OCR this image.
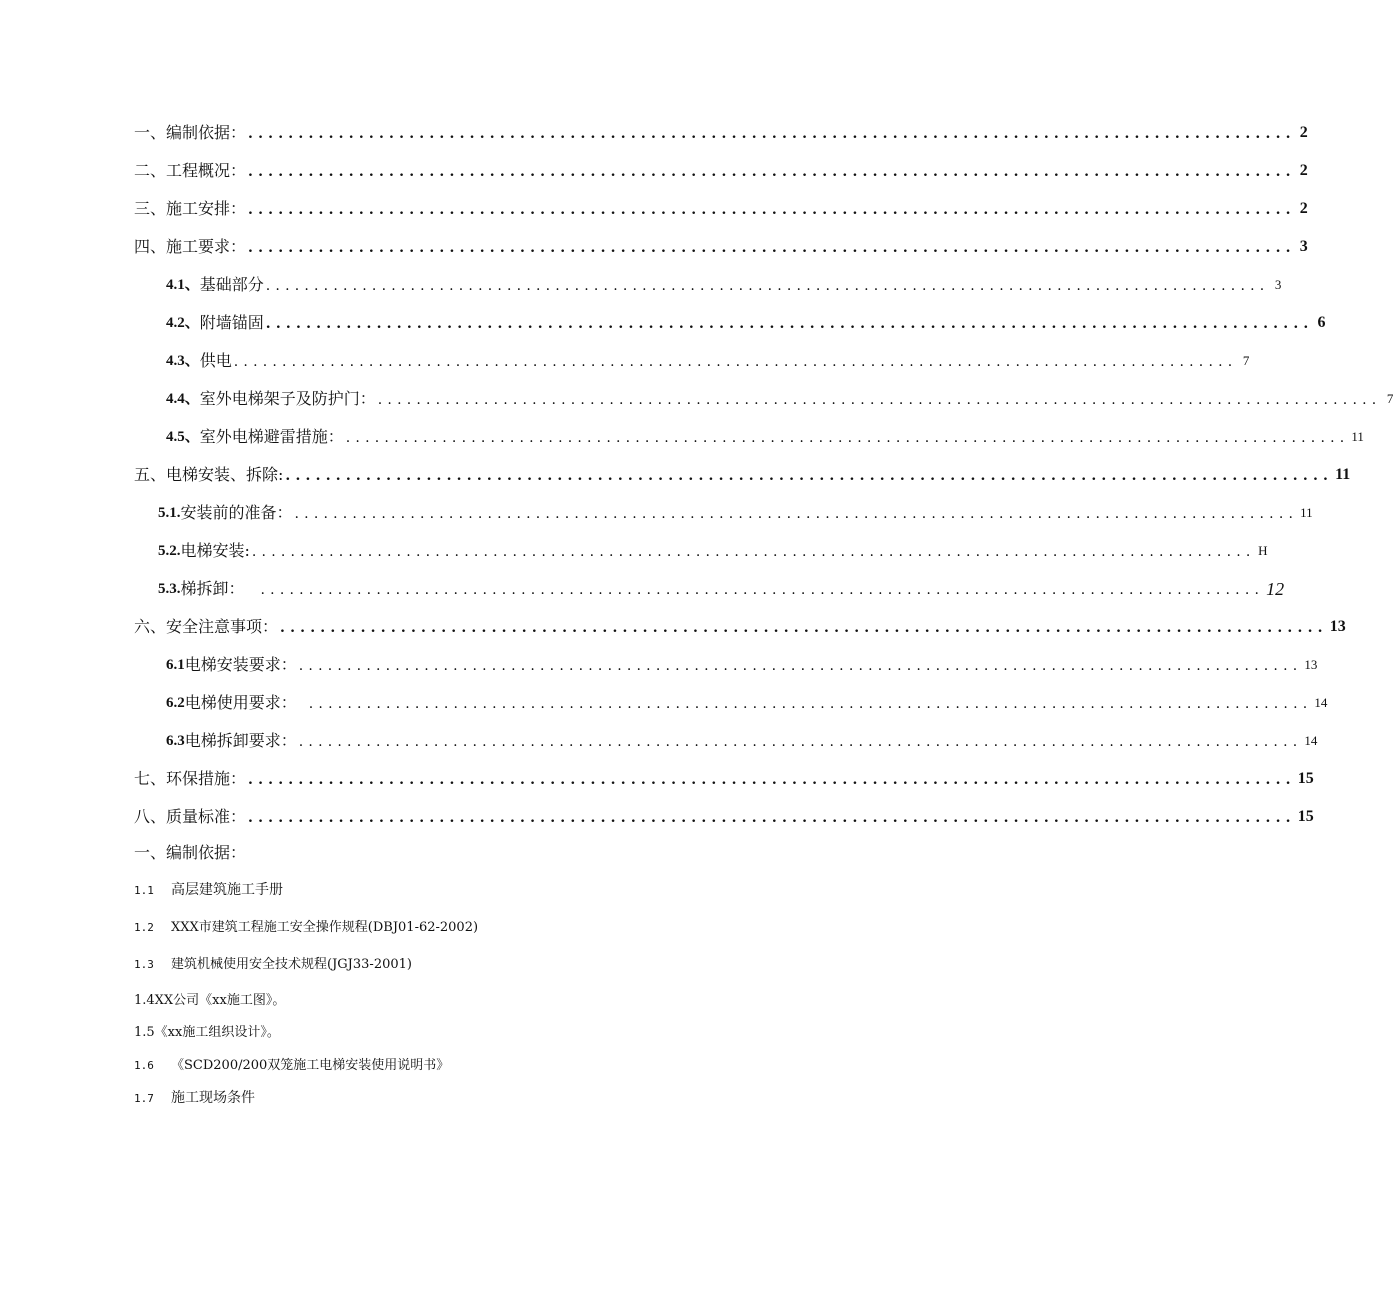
一、编制依据： ........................................................................................................ 2
二、工程概况： ........................................................................................................ 2
三、施工安排： ........................................................................................................ 2
四、施工要求： ........................................................................................................ 3
4.1、 基础部分 ........................................................................................................ 3
4.2、 附墙锚固 ........................................................................................................ 6
4.3、 供电 ........................................................................................................ 7
4.4、 室外电梯架子及防护门： ........................................................................................................ 7
4.5、 室外电梯避雷措施： ........................................................................................................ 11
五、电梯安装、拆除: ........................................................................................................ 11
5.1. 安装前的准备： ........................................................................................................ 11
5.2. 电梯安装: ........................................................................................................ H
5.3. 梯拆卸： ........................................................................................................ 12
六、安全注意事项： ........................................................................................................ 13
6.1 电梯安装要求： ........................................................................................................ 13
6.2 电梯使用要求： ........................................................................................................ 14
6.3 电梯拆卸要求： ........................................................................................................ 14
七、环保措施： ........................................................................................................ 15
八、质量标准： ........................................................................................................ 15
一、编制依据：
1.1 高层建筑施工手册
1.2 XXX市建筑工程施工安全操作规程(DBJ01-62-2002)
1.3 建筑机械使用安全技术规程(JGJ33-2001)
1.4XX公司《xx施工图》。
1.5《xx施工组织设计》。
1.6 《SCD200/200双笼施工电梯安装使用说明书》
1.7 施工现场条件
